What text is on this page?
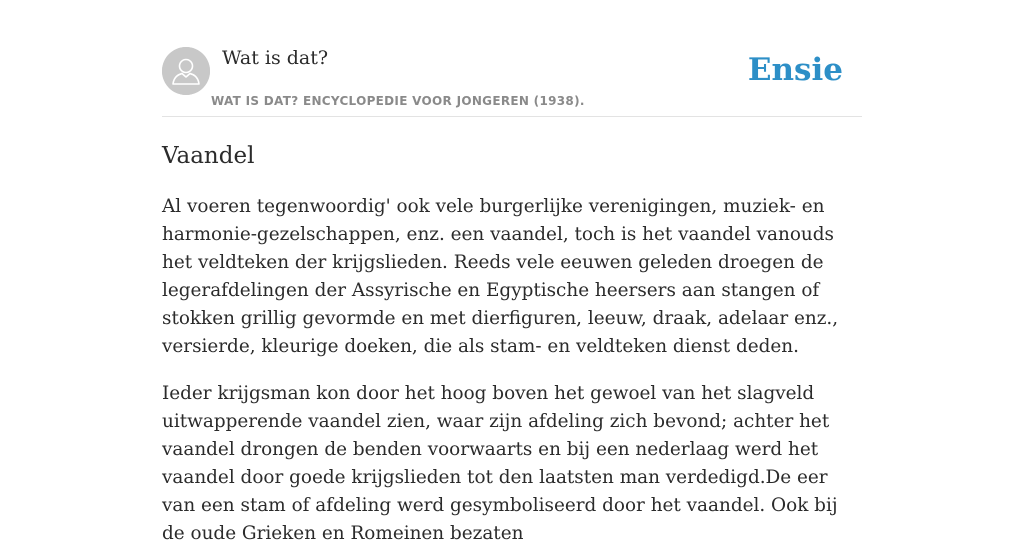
Wat is dat?
WAT IS DAT? ENCYCLOPEDIE VOOR JONGEREN (1938).
Ensie
Vaandel

Al voeren tegenwoordig' ook vele burgerlijke verenigingen, muziek- en harmonie-gezelschappen, enz. een vaandel, toch is het vaandel vanouds het veldteken der krijgslieden. Reeds vele eeuwen geleden droegen de legerafdelingen der Assyrische en Egyptische heersers aan stangen of stokken grillig gevormde en met dierfiguren, leeuw, draak, adelaar enz., versierde, kleurige doeken, die als stam- en veldteken dienst deden.

Ieder krijgsman kon door het hoog boven het gewoel van het slagveld uitwapperende vaandel zien, waar zijn afdeling zich bevond; achter het vaandel drongen de benden voorwaarts en bij een nederlaag werd het vaandel door goede krijgslieden tot den laatsten man verdedigd.De eer van een stam of afdeling werd gesymboliseerd door het vaandel. Ook bij de oude Grieken en Romeinen bezaten
